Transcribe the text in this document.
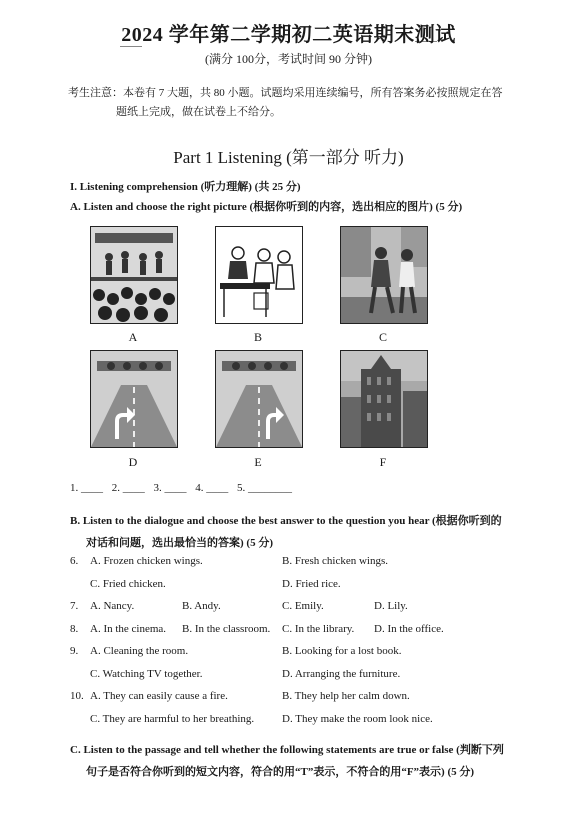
2024 学年第二学期初二英语期末测试
(满分 100分，考试时间 90 分钟)
考生注意：本卷有 7 大题，共 80 小题。试题均采用连续编号，所有答案务必按照规定在答
题纸上完成，做在试卷上不给分。
Part 1 Listening (第一部分 听力)
I. Listening comprehension (听力理解) (共 25 分)
A. Listen and choose the right picture (根据你听到的内容，选出相应的图片) (5 分)
A	B	C
D	E	F
1. ____ 2. ____ 3. ____ 4. ____ 5. ________
B. Listen to the dialogue and choose the best answer to the question you hear (根据你听到的
对话和问题，选出最恰当的答案) (5 分)
6. A. Frozen chicken wings.	B. Fresh chicken wings.
C. Fried chicken.	D. Fried rice.
7. A. Nancy.	B. Andy.	C. Emily.	D. Lily.
8. A. In the cinema. B. In the classroom. C. In the library. D. In the office.
9. A. Cleaning the room.	B. Looking for a lost book.
C. Watching TV together.	D. Arranging the furniture.
10. A. They can easily cause a fire.	B. They help her calm down.
C. They are harmful to her breathing.	D. They make the room look nice.
C. Listen to the passage and tell whether the following statements are true or false (判断下列
句子是否符合你听到的短文内容，符合的用“T”表示，不符合的用“F”表示) (5 分)
